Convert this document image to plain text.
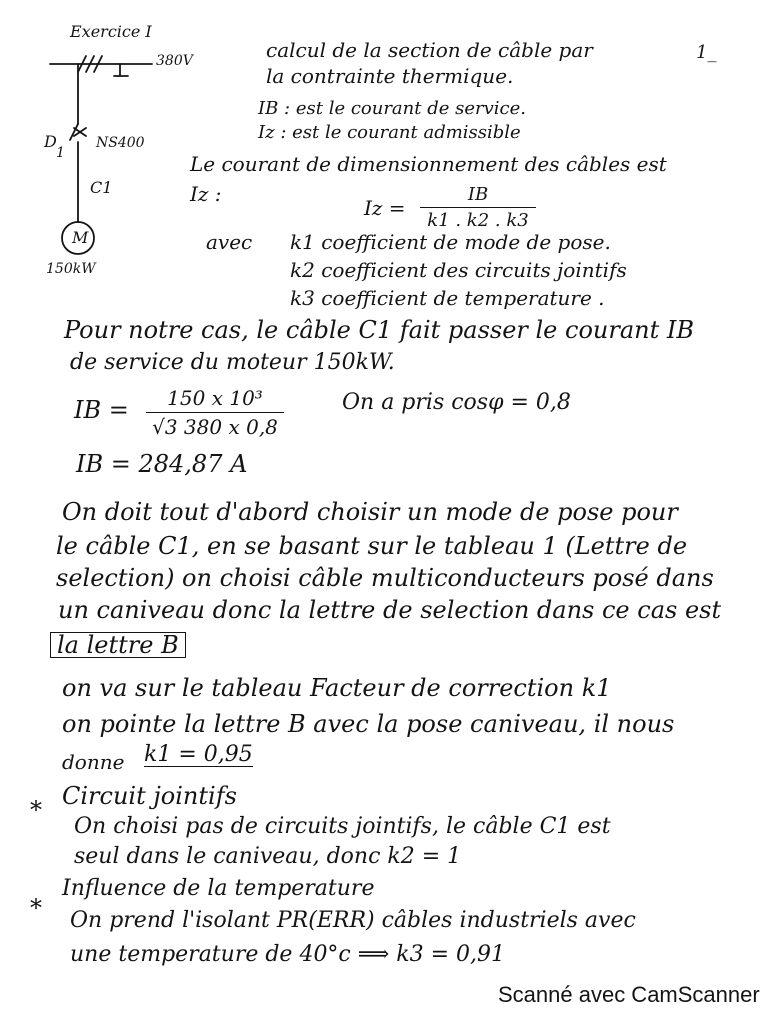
Exercice I
380V
D
1
NS400
C1
M
150kW
1_
calcul de la section de câble par
la contrainte thermique.
IB : est le courant de service.
Iz : est le courant admissible
Le courant de dimensionnement des câbles est
Iz :
Iz =
IB
k1 . k2 . k3
avec k1 coefficient de mode de pose.
k2 coefficient des circuits jointifs
k3 coefficient de temperature .
Pour notre cas, le câble C1 fait passer le courant IB
de service du moteur 150kW.
IB =	150 x 10³
√3 380 x 0,8
On a pris cosφ = 0,8
IB = 284,87 A
On doit tout d'abord choisir un mode de pose pour
le câble C1, en se basant sur le tableau 1 (Lettre de
selection) on choisi câble multiconducteurs posé dans
un caniveau donc la lettre de selection dans ce cas est
la lettre B
on va sur le tableau Facteur de correction k1
on pointe la lettre B avec la pose caniveau, il nous
donne k1 = 0,95
* Circuit jointifs
On choisi pas de circuits jointifs, le câble C1 est
seul dans le caniveau, donc k2 = 1
*
Influence de la temperature
On prend l'isolant PR(ERR) câbles industriels avec
une temperature de 40°c ⟹ k3 = 0,91
Scanné avec CamScanner
